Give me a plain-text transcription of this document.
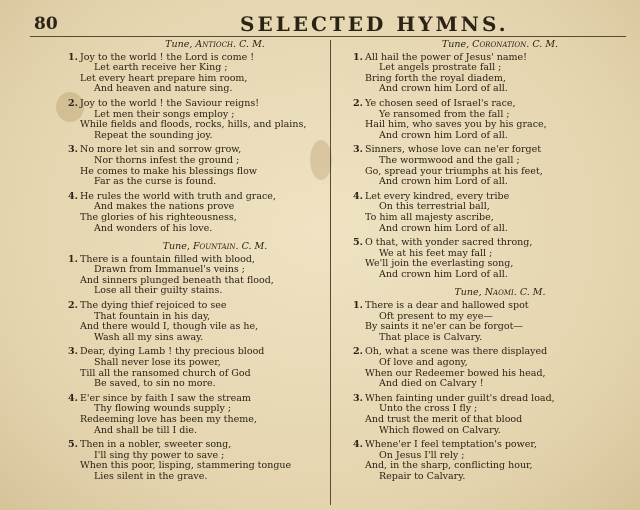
80	SELECTED HYMNS.
Tune, Antioch. C. M.
1. Joy to the world ! the Lord is come !
Let earth receive her King ;
Let every heart prepare him room,
And heaven and nature sing.
2. Joy to the world ! the Saviour reigns!
Let men their songs employ ;
While fields and floods, rocks, hills, and plains,
Repeat the sounding joy.
3. No more let sin and sorrow grow,
Nor thorns infest the ground ;
He comes to make his blessings flow
Far as the curse is found.
4. He rules the world with truth and grace,
And makes the nations prove
The glories of his righteousness,
And wonders of his love.
Tune, Fountain. C. M.
1. There is a fountain filled with blood,
Drawn from Immanuel's veins ;
And sinners plunged beneath that flood,
Lose all their guilty stains.
2. The dying thief rejoiced to see
That fountain in his day,
And there would I, though vile as he,
Wash all my sins away.
3. Dear, dying Lamb ! thy precious blood
Shall never lose its power,
Till all the ransomed church of God
Be saved, to sin no more.
4. E'er since by faith I saw the stream
Thy flowing wounds supply ;
Redeeming love has been my theme,
And shall be till I die.
5. Then in a nobler, sweeter song,
I'll sing thy power to save ;
When this poor, lisping, stammering tongue
Lies silent in the grave.
Tune, Coronation. C. M.
1. All hail the power of Jesus' name!
Let angels prostrate fall ;
Bring forth the royal diadem,
And crown him Lord of all.
2. Ye chosen seed of Israel's race,
Ye ransomed from the fall ;
Hail him, who saves you by his grace,
And crown him Lord of all.
3. Sinners, whose love can ne'er forget
The wormwood and the gall ;
Go, spread your triumphs at his feet,
And crown him Lord of all.
4. Let every kindred, every tribe
On this terrestrial ball,
To him all majesty ascribe,
And crown him Lord of all.
5. O that, with yonder sacred throng,
We at his feet may fall ;
We'll join the everlasting song,
And crown him Lord of all.
Tune, Naomi. C. M.
1. There is a dear and hallowed spot
Oft present to my eye—
By saints it ne'er can be forgot—
That place is Calvary.
2. Oh, what a scene was there displayed
Of love and agony,
When our Redeemer bowed his head,
And died on Calvary !
3. When fainting under guilt's dread load,
Unto the cross I fly ;
And trust the merit of that blood
Which flowed on Calvary.
4. Whene'er I feel temptation's power,
On Jesus I'll rely ;
And, in the sharp, conflicting hour,
Repair to Calvary.
